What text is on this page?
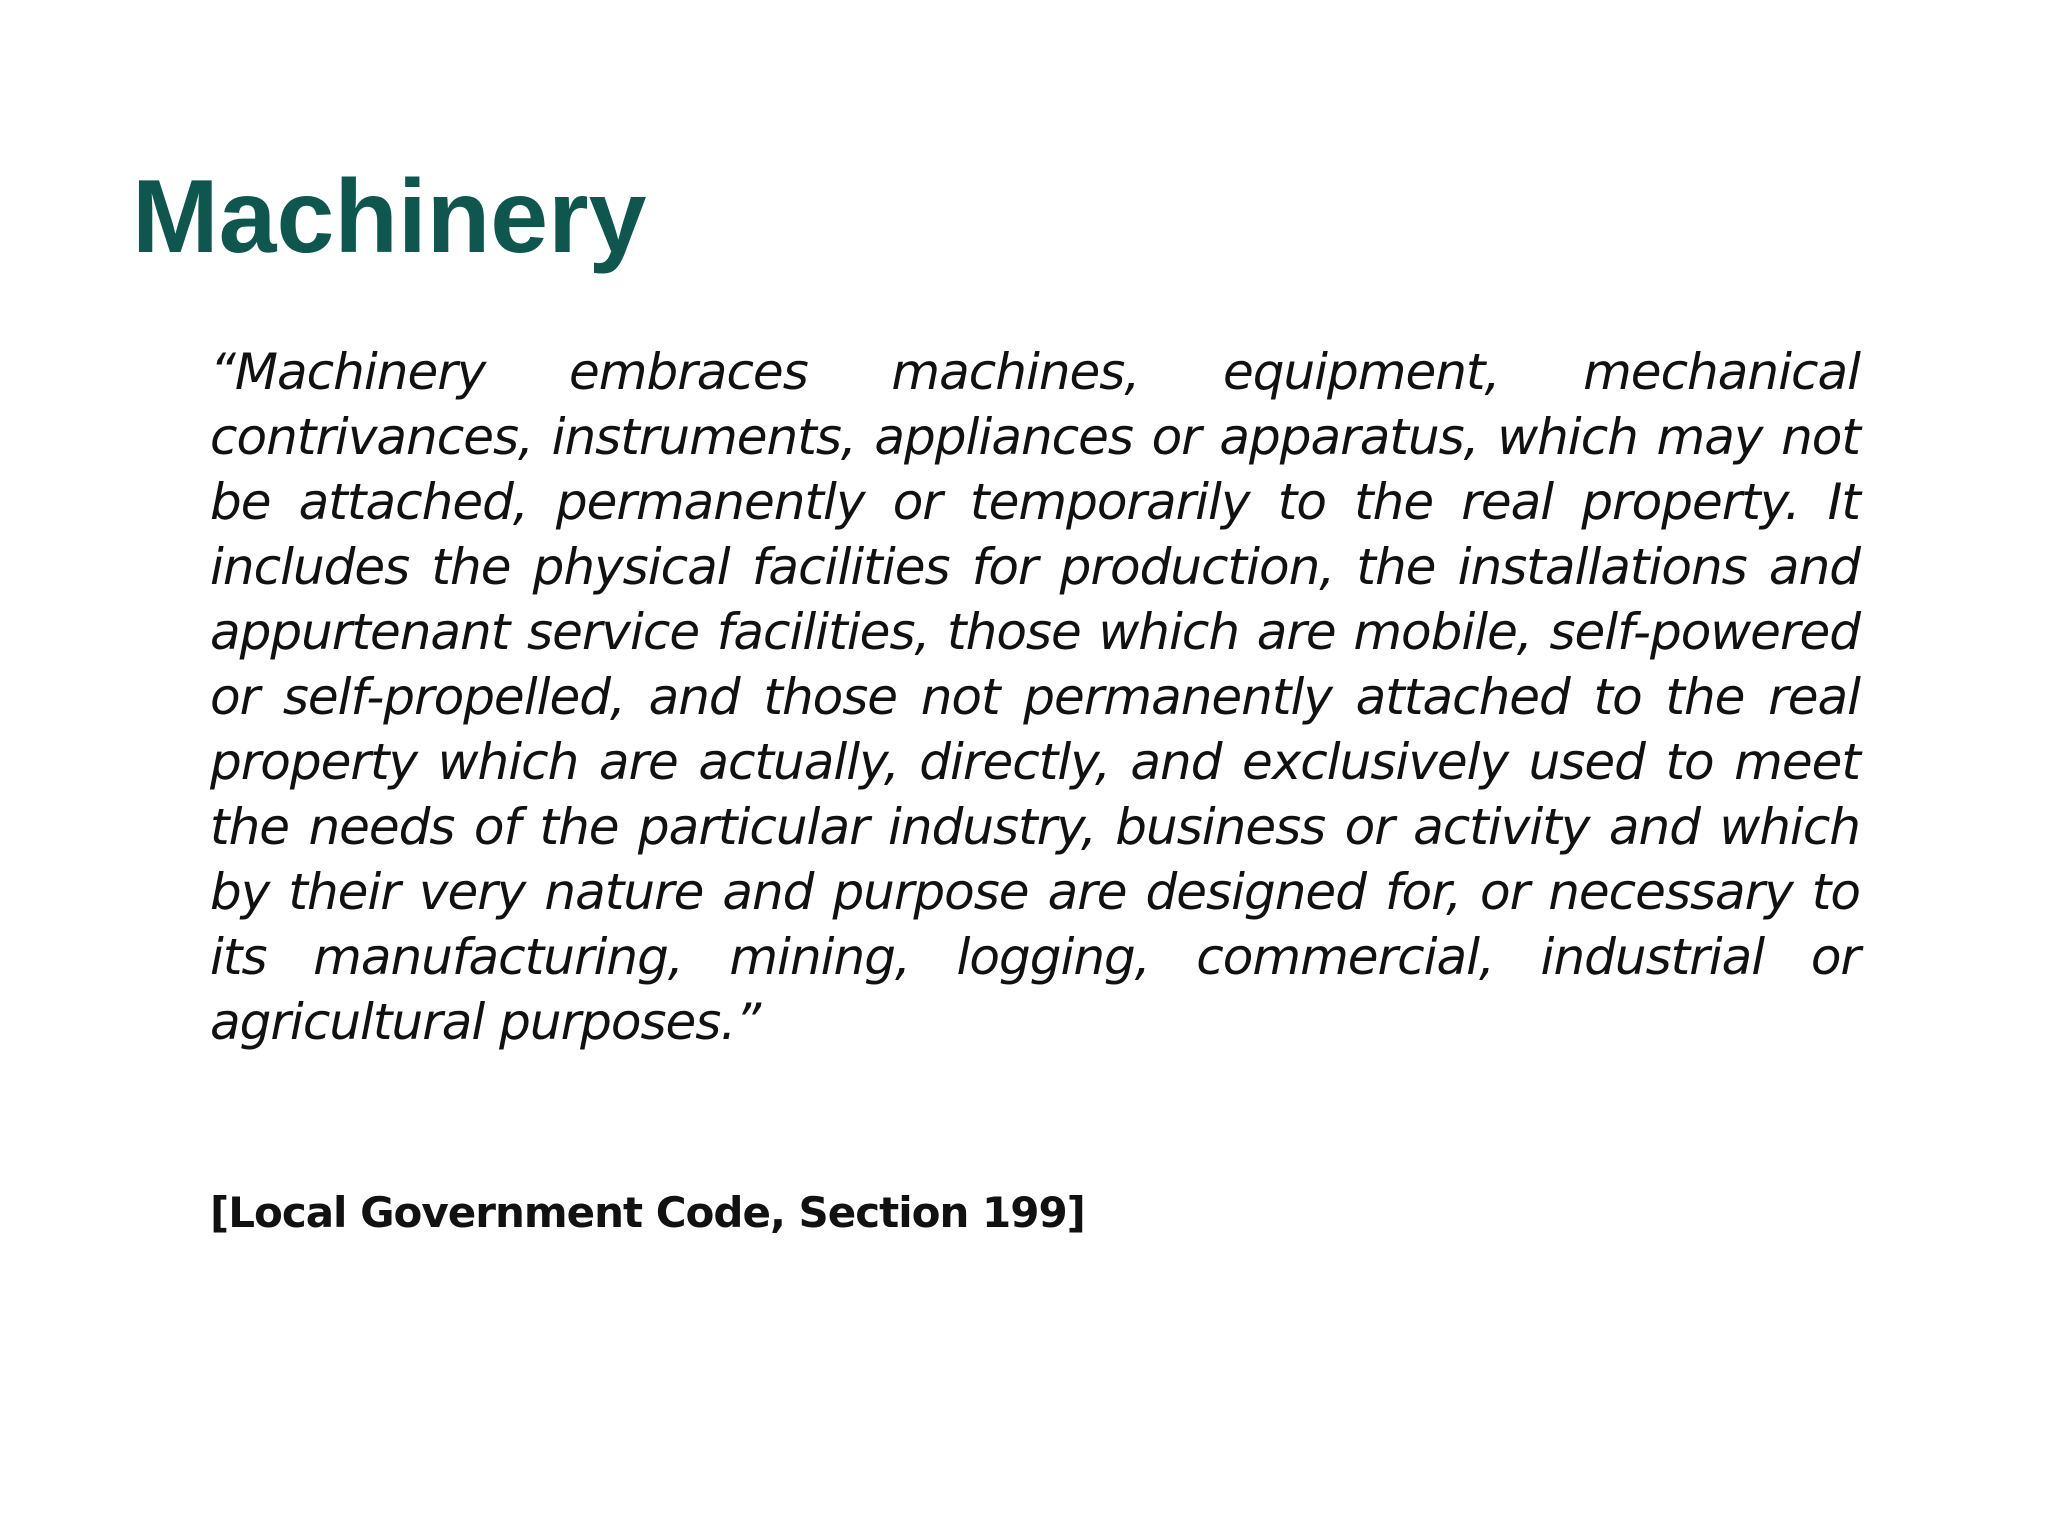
Machinery

“Machinery embraces machines, equipment, mechanical contrivances, instruments, appliances or apparatus, which may not be attached, permanently or temporarily to the real property. It includes the physical facilities for production, the installations and appurtenant service facilities, those which are mobile, self-powered or self-propelled, and those not permanently attached to the real property which are actually, directly, and exclusively used to meet the needs of the particular industry, business or activity and which by their very nature and purpose are designed for, or necessary to its manufacturing, mining, logging, commercial, industrial or agricultural purposes.”

[Local Government Code, Section 199]
